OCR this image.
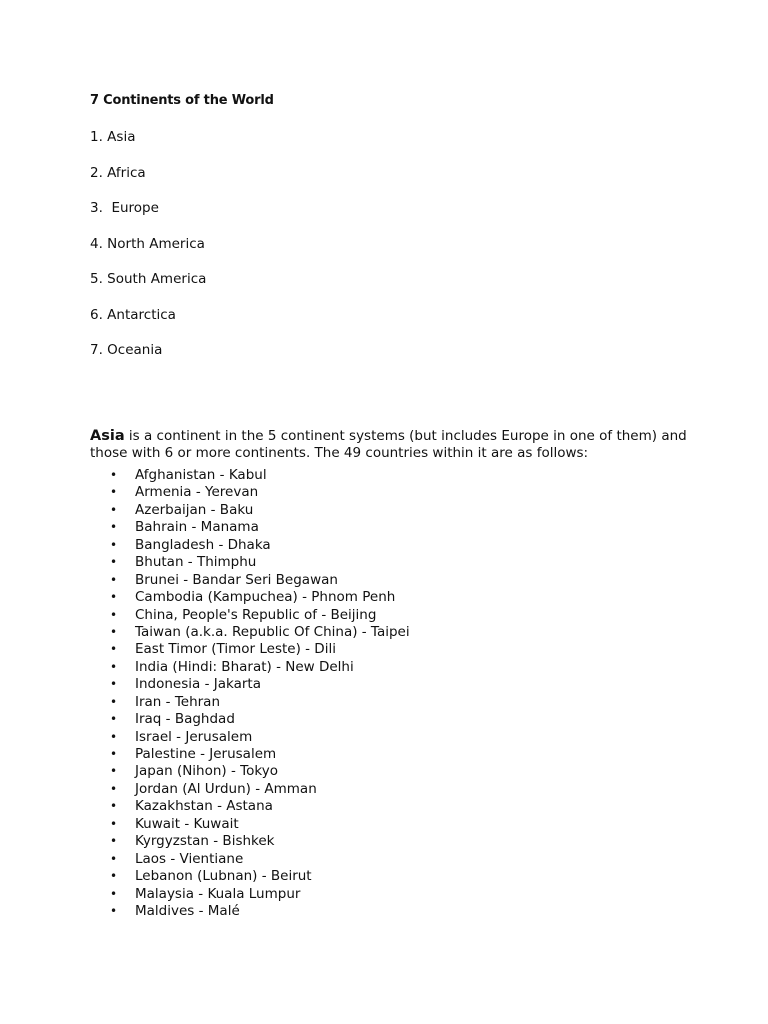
7 Continents of the World
1. Asia
2. Africa
3.  Europe
4. North America
5. South America
6. Antarctica
7. Oceania

Asia is a continent in the 5 continent systems (but includes Europe in one of them) and those with 6 or more continents. The 49 countries within it are as follows:

• Afghanistan - Kabul
• Armenia - Yerevan
• Azerbaijan - Baku
• Bahrain - Manama
• Bangladesh - Dhaka
• Bhutan - Thimphu
• Brunei - Bandar Seri Begawan
• Cambodia (Kampuchea) - Phnom Penh
• China, People's Republic of - Beijing
• Taiwan (a.k.a. Republic Of China) - Taipei
• East Timor (Timor Leste) - Dili
• India (Hindi: Bharat) - New Delhi
• Indonesia - Jakarta
• Iran - Tehran
• Iraq - Baghdad
• Israel - Jerusalem
• Palestine - Jerusalem
• Japan (Nihon) - Tokyo
• Jordan (Al Urdun) - Amman
• Kazakhstan - Astana
• Kuwait - Kuwait
• Kyrgyzstan - Bishkek
• Laos - Vientiane
• Lebanon (Lubnan) - Beirut
• Malaysia - Kuala Lumpur
• Maldives - Malé
